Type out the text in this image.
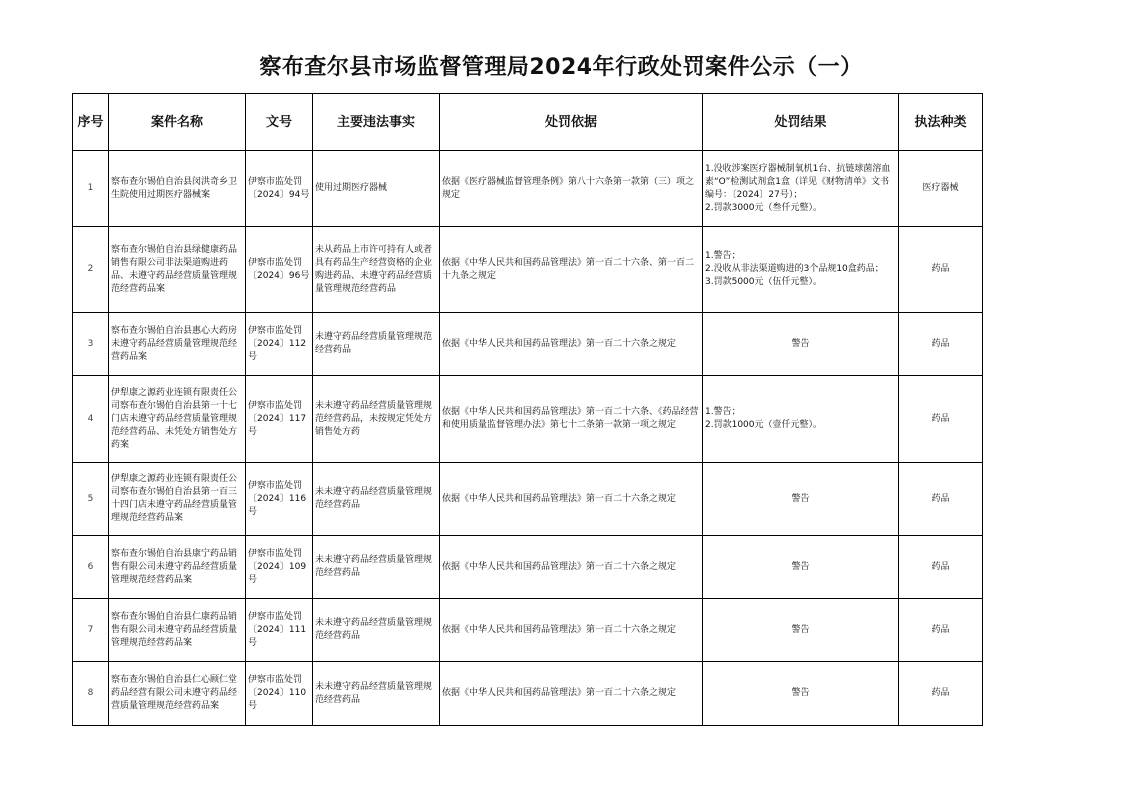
察布查尔县市场监督管理局2024年行政处罚案件公示（一）
序号	案件名称	文号	主要违法事实	处罚依据	处罚结果	执法种类
1	察布查尔锡伯自治县闵洪奇乡卫生院使用过期医疗器械案	伊察市监处罚〔2024〕94号	使用过期医疗器械	依据《医疗器械监督管理条例》第八十六条第一款第（三）项之规定	1.没收涉案医疗器械制氧机1台、抗链球菌溶血素“O”检测试剂盒1盒（详见《财物清单》文书编号：〔2024〕27号）；
2.罚款3000元（叁仟元整）。	医疗器械
2	察布查尔锡伯自治县绿健康药品销售有限公司非法渠道购进药品、未遵守药品经营质量管理规范经营药品案	伊察市监处罚〔2024〕96号	未从药品上市许可持有人或者具有药品生产经营资格的企业购进药品、未遵守药品经营质量管理规范经营药品	依据《中华人民共和国药品管理法》第一百二十六条、第一百二十九条之规定	1.警告；
2.没收从非法渠道购进的3个品规10盒药品；
3.罚款5000元（伍仟元整）。	药品
3	察布查尔锡伯自治县惠心大药房未遵守药品经营质量管理规范经营药品案	伊察市监处罚〔2024〕112号	未遵守药品经营质量管理规范经营药品	依据《中华人民共和国药品管理法》第一百二十六条之规定	警告	药品
4	伊犁康之源药业连锁有限责任公司察布查尔锡伯自治县第一十七门店未遵守药品经营质量管理规范经营药品、未凭处方销售处方药案	伊察市监处罚〔2024〕117号	未未遵守药品经营质量管理规范经营药品，未按规定凭处方销售处方药	依据《中华人民共和国药品管理法》第一百二十六条、《药品经营和使用质量监督管理办法》第七十二条第一款第一项之规定	1.警告；
2.罚款1000元（壹仟元整）。	药品
5	伊犁康之源药业连锁有限责任公司察布查尔锡伯自治县第一百三十四门店未遵守药品经营质量管理规范经营药品案	伊察市监处罚〔2024〕116号	未未遵守药品经营质量管理规范经营药品	依据《中华人民共和国药品管理法》第一百二十六条之规定	警告	药品
6	察布查尔锡伯自治县康宁药品销售有限公司未遵守药品经营质量管理规范经营药品案	伊察市监处罚〔2024〕109号	未未遵守药品经营质量管理规范经营药品	依据《中华人民共和国药品管理法》第一百二十六条之规定	警告	药品
7	察布查尔锡伯自治县仁康药品销售有限公司未遵守药品经营质量管理规范经营药品案	伊察市监处罚〔2024〕111号	未未遵守药品经营质量管理规范经营药品	依据《中华人民共和国药品管理法》第一百二十六条之规定	警告	药品
8	察布查尔锡伯自治县仁心顾仁堂药品经营有限公司未遵守药品经营质量管理规范经营药品案	伊察市监处罚〔2024〕110号	未未遵守药品经营质量管理规范经营药品	依据《中华人民共和国药品管理法》第一百二十六条之规定	警告	药品
